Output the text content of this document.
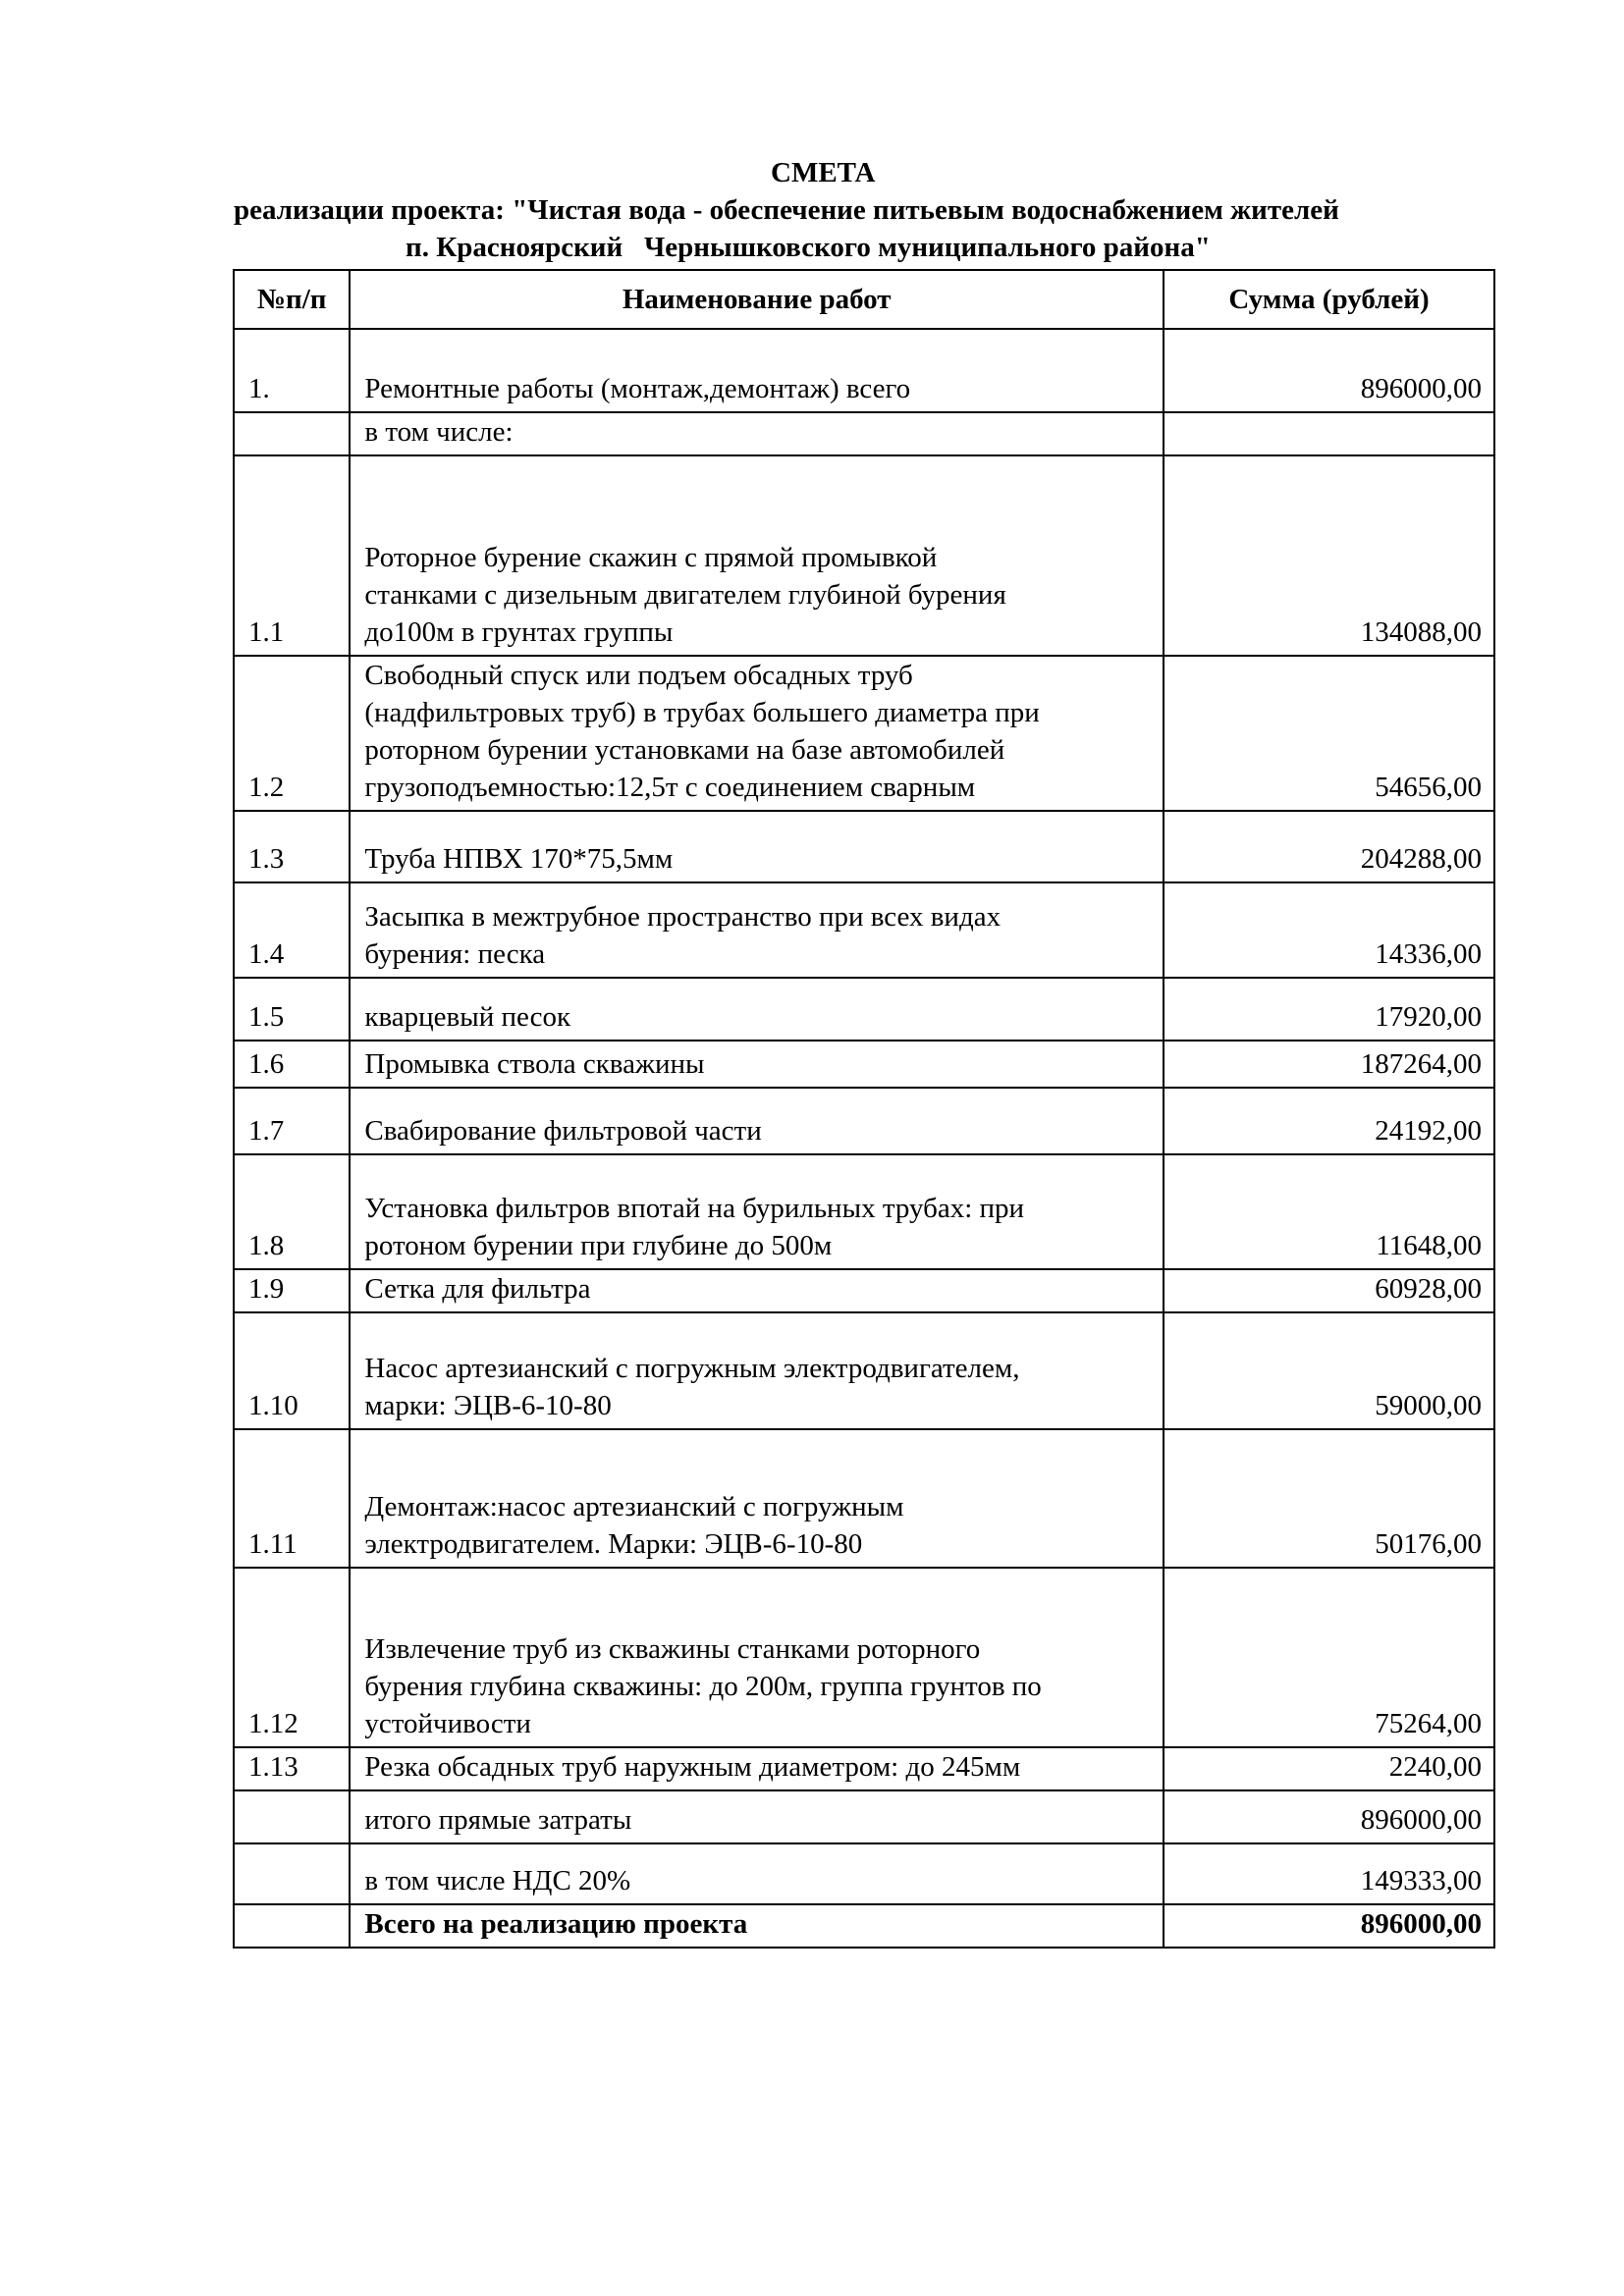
СМЕТА
реализации проекта: "Чистая вода - обеспечение питьевым водоснабжением жителей
п. Красноярский   Чернышковского муниципального района"
№п/п	Наименование работ	Сумма (рублей)
1.	Ремонтные работы (монтаж,демонтаж) всего	896000,00
	в том числе:	
1.1	Роторное бурение скажин с прямой промывкой
станками с дизельным двигателем глубиной бурения
до100м в грунтах группы	134088,00
1.2	Свободный спуск или подъем обсадных труб
(надфильтровых труб) в трубах большего диаметра при
роторном бурении установками на базе автомобилей
грузоподъемностью:12,5т с соединением сварным	54656,00
1.3	Труба НПВХ 170*75,5мм	204288,00
1.4	Засыпка в межтрубное пространство при всех видах
бурения: песка	14336,00
1.5	кварцевый песок	17920,00
1.6	Промывка ствола скважины	187264,00
1.7	Свабирование фильтровой части	24192,00
1.8	Установка фильтров впотай на бурильных трубах: при
ротоном бурении при глубине до 500м	11648,00
1.9	Сетка для фильтра	60928,00
1.10	Насос артезианский с погружным электродвигателем,
марки: ЭЦВ-6-10-80	59000,00
1.11	Демонтаж:насос артезианский с погружным
электродвигателем. Марки: ЭЦВ-6-10-80	50176,00
1.12	Извлечение труб из скважины станками роторного
бурения глубина скважины: до 200м, группа грунтов по
устойчивости	75264,00
1.13	Резка обсадных труб наружным диаметром: до 245мм	2240,00
	итого прямые затраты	896000,00
	в том числе НДС 20%	149333,00
	Всего на реализацию проекта	896000,00
